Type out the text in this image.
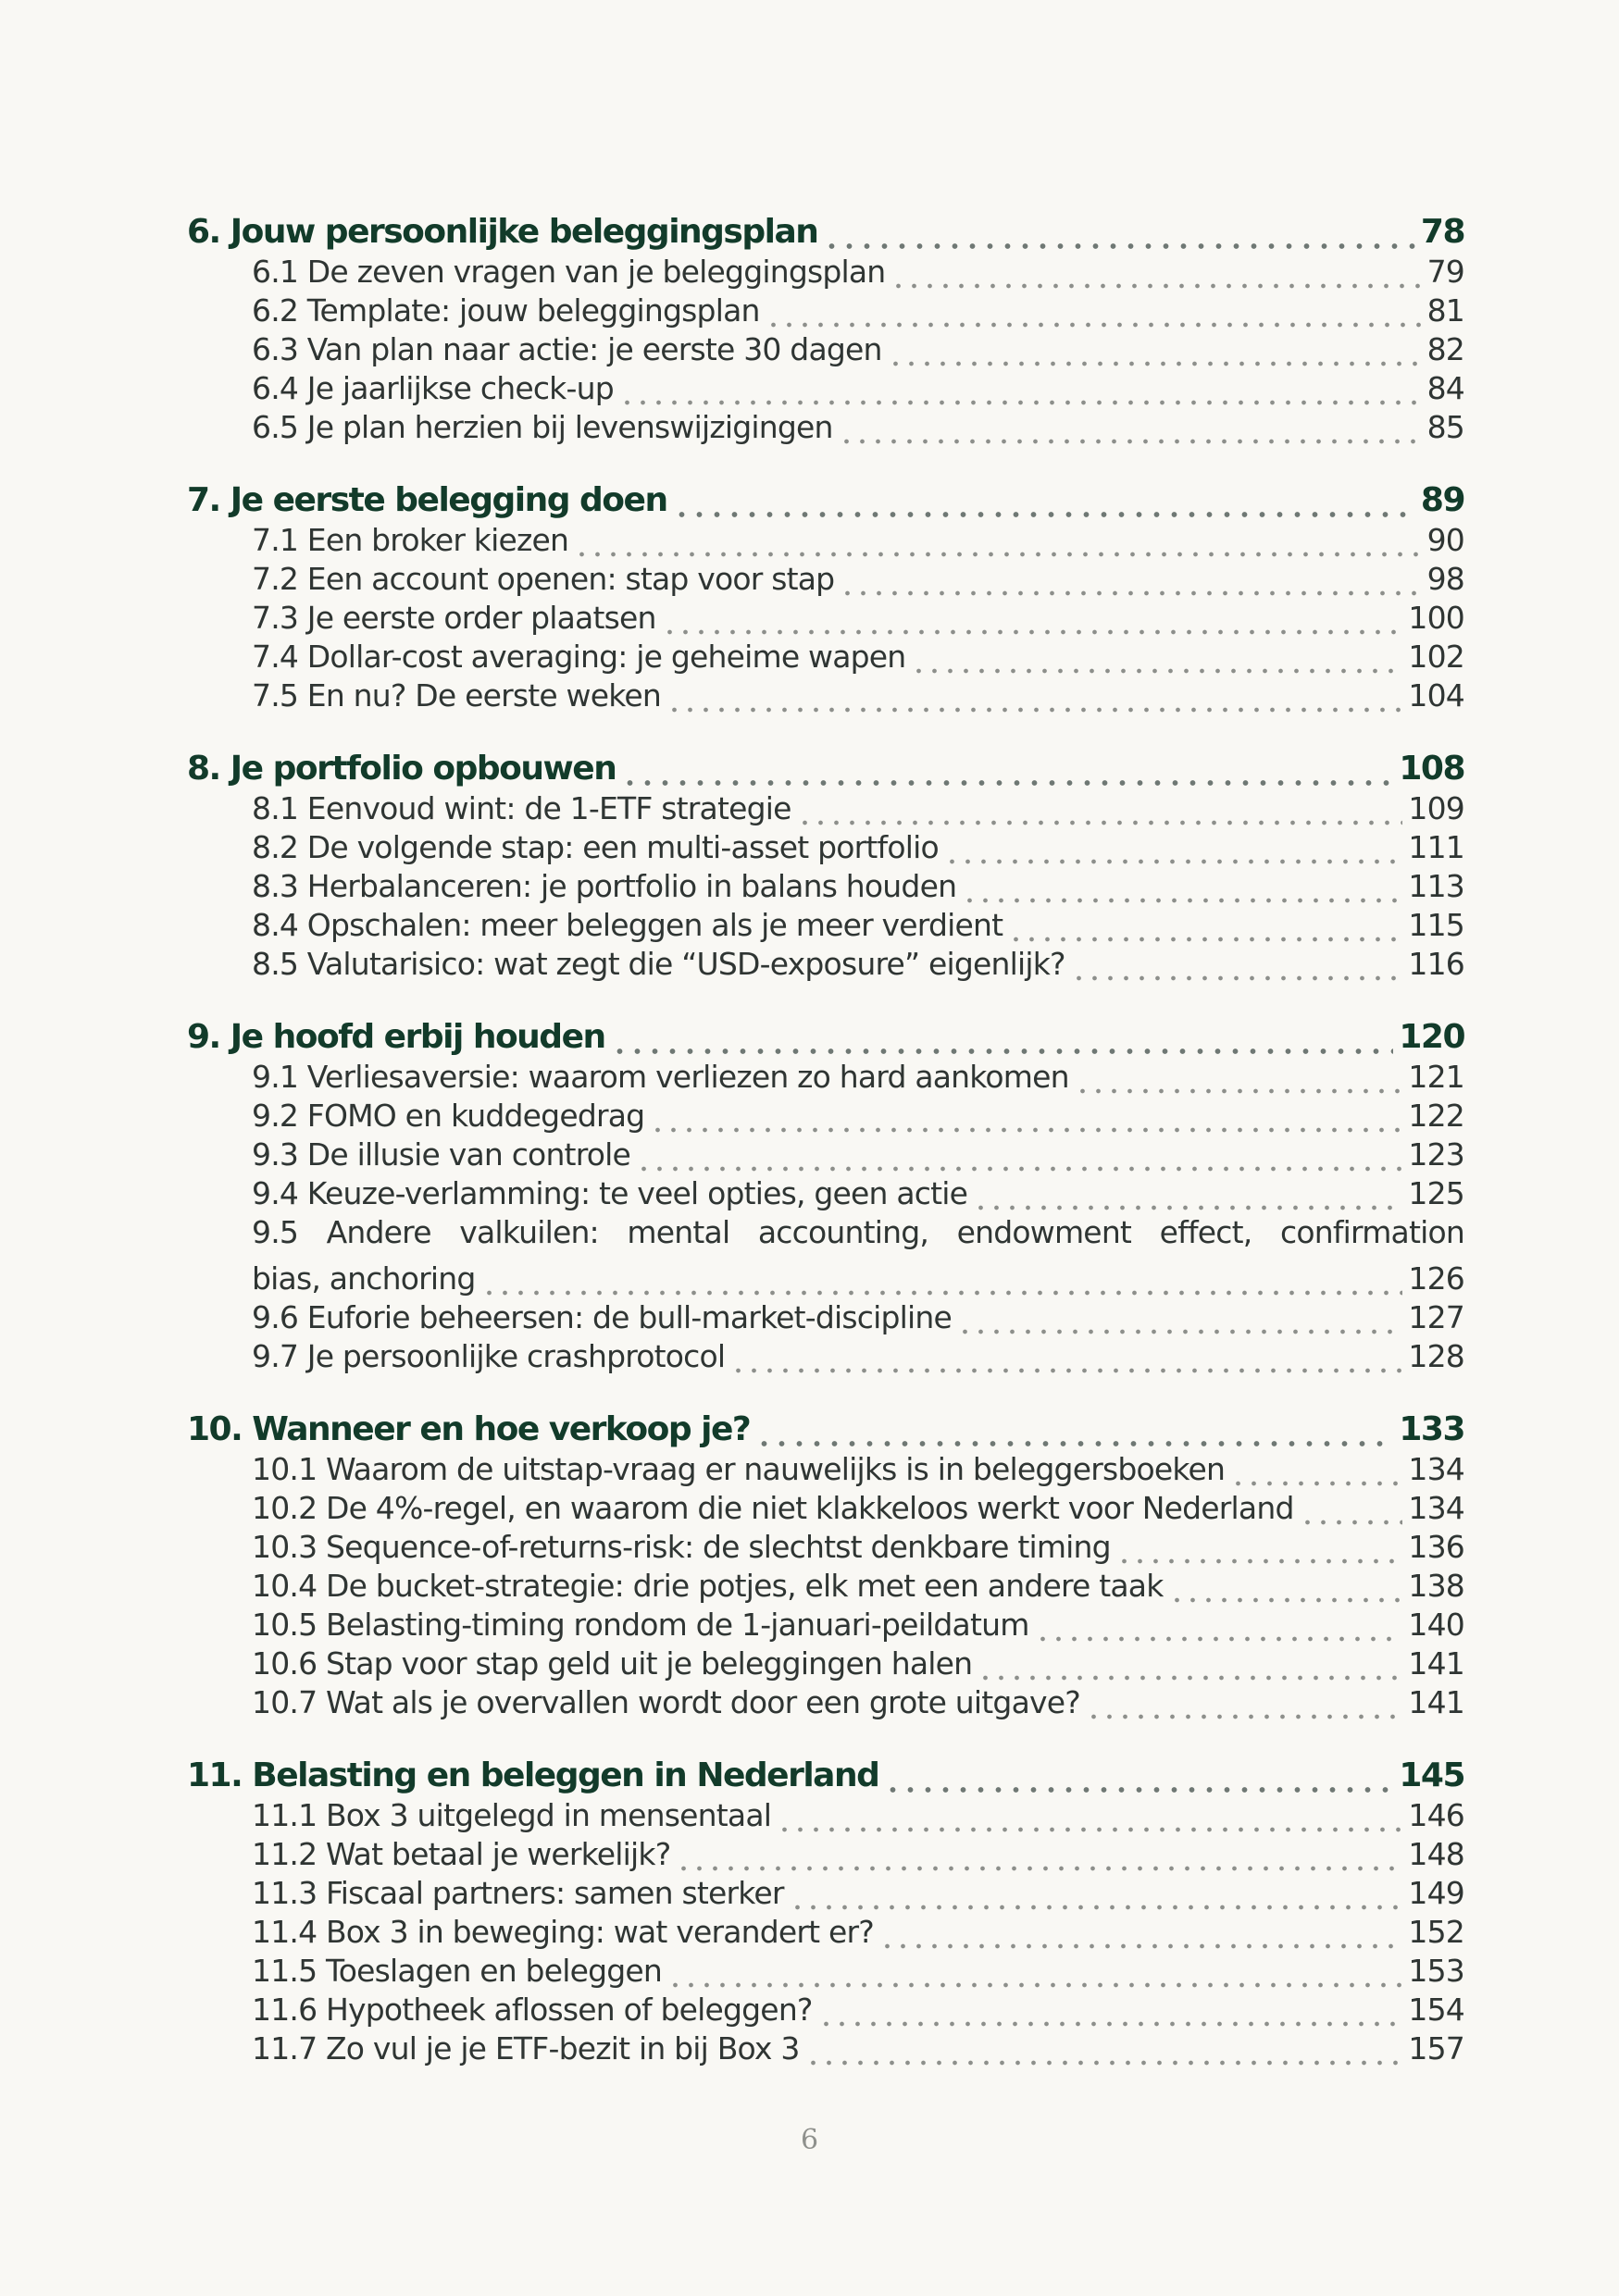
6. Jouw persoonlijke beleggingsplan	78
6.1 De zeven vragen van je beleggingsplan	79
6.2 Template: jouw beleggingsplan	81
6.3 Van plan naar actie: je eerste 30 dagen	82
6.4 Je jaarlijkse check-up	84
6.5 Je plan herzien bij levenswijzigingen	85
7. Je eerste belegging doen	89
7.1 Een broker kiezen	90
7.2 Een account openen: stap voor stap	98
7.3 Je eerste order plaatsen	100
7.4 Dollar-cost averaging: je geheime wapen	102
7.5 En nu? De eerste weken	104
8. Je portfolio opbouwen	108
8.1 Eenvoud wint: de 1-ETF strategie	109
8.2 De volgende stap: een multi-asset portfolio	111
8.3 Herbalanceren: je portfolio in balans houden	113
8.4 Opschalen: meer beleggen als je meer verdient	115
8.5 Valutarisico: wat zegt die “USD-exposure” eigenlijk?	116
9. Je hoofd erbij houden	120
9.1 Verliesaversie: waarom verliezen zo hard aankomen	121
9.2 FOMO en kuddegedrag	122
9.3 De illusie van controle	123
9.4 Keuze-verlamming: te veel opties, geen actie	125
9.5 Andere valkuilen: mental accounting, endowment effect, confirmation
bias, anchoring	126
9.6 Euforie beheersen: de bull-market-discipline	127
9.7 Je persoonlijke crashprotocol	128
10. Wanneer en hoe verkoop je?	133
10.1 Waarom de uitstap-vraag er nauwelijks is in beleggersboeken	134
10.2 De 4%-regel, en waarom die niet klakkeloos werkt voor Nederland	134
10.3 Sequence-of-returns-risk: de slechtst denkbare timing	136
10.4 De bucket-strategie: drie potjes, elk met een andere taak	138
10.5 Belasting-timing rondom de 1-januari-peildatum	140
10.6 Stap voor stap geld uit je beleggingen halen	141
10.7 Wat als je overvallen wordt door een grote uitgave?	141
11. Belasting en beleggen in Nederland	145
11.1 Box 3 uitgelegd in mensentaal	146
11.2 Wat betaal je werkelijk?	148
11.3 Fiscaal partners: samen sterker	149
11.4 Box 3 in beweging: wat verandert er?	152
11.5 Toeslagen en beleggen	153
11.6 Hypotheek aflossen of beleggen?	154
11.7 Zo vul je je ETF-bezit in bij Box 3	157
6
